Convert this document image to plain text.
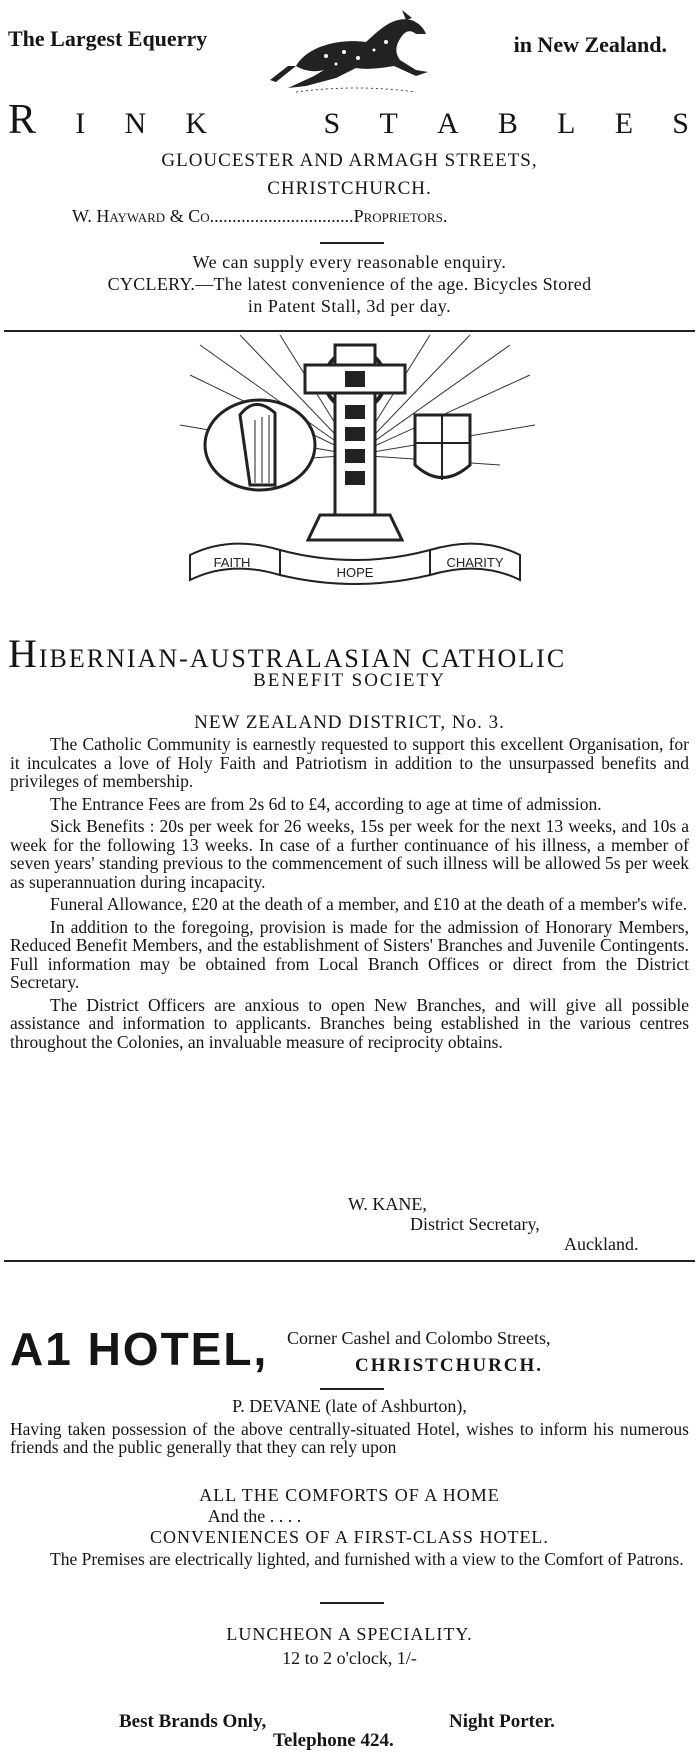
The Largest Equerry	in New Zealand.
R I N K	S T A B L E S
GLOUCESTER AND ARMAGH STREETS,
CHRISTCHURCH.
W. Hayward & Co................................Proprietors.
We can supply every reasonable enquiry.
CYCLERY.—The latest convenience of the age. Bicycles Stored
in Patent Stall, 3d per day.
FAITH
HOPE
CHARITY
HIBERNIAN-AUSTRALASIAN CATHOLIC
BENEFIT SOCIETY
NEW ZEALAND DISTRICT, No. 3.

The Catholic Community is earnestly requested to support this excellent Organisation, for it inculcates a love of Holy Faith and Patriotism in addition to the unsurpassed benefits and privileges of membership.

The Entrance Fees are from 2s 6d to £4, according to age at time of admission.

Sick Benefits : 20s per week for 26 weeks, 15s per week for the next 13 weeks, and 10s a week for the following 13 weeks. In case of a further continuance of his illness, a member of seven years' standing previous to the commencement of such illness will be allowed 5s per week as superannuation during incapacity.

Funeral Allowance, £20 at the death of a member, and £10 at the death of a member's wife.

In addition to the foregoing, provision is made for the admission of Honorary Members, Reduced Benefit Members, and the establishment of Sisters' Branches and Juvenile Contingents. Full information may be obtained from Local Branch Offices or direct from the District Secretary.

The District Officers are anxious to open New Branches, and will give all possible assistance and information to applicants. Branches being established in the various centres throughout the Colonies, an invaluable measure of reciprocity obtains.

W. KANE,
District Secretary,
Auckland.
A1 HOTEL, Corner Cashel and Colombo Streets,
CHRISTCHURCH.
P. DEVANE (late of Ashburton),
Having taken possession of the above centrally-situated Hotel, wishes to inform his numerous friends and the public generally that they can rely upon
ALL THE COMFORTS OF A HOME
And the . . . .
CONVENIENCES OF A FIRST-CLASS HOTEL.
The Premises are electrically lighted, and furnished with a view to the Comfort of Patrons.
LUNCHEON A SPECIALITY.
12 to 2 o'clock, 1/-
Best Brands Only,	Night Porter.
Telephone 424.
